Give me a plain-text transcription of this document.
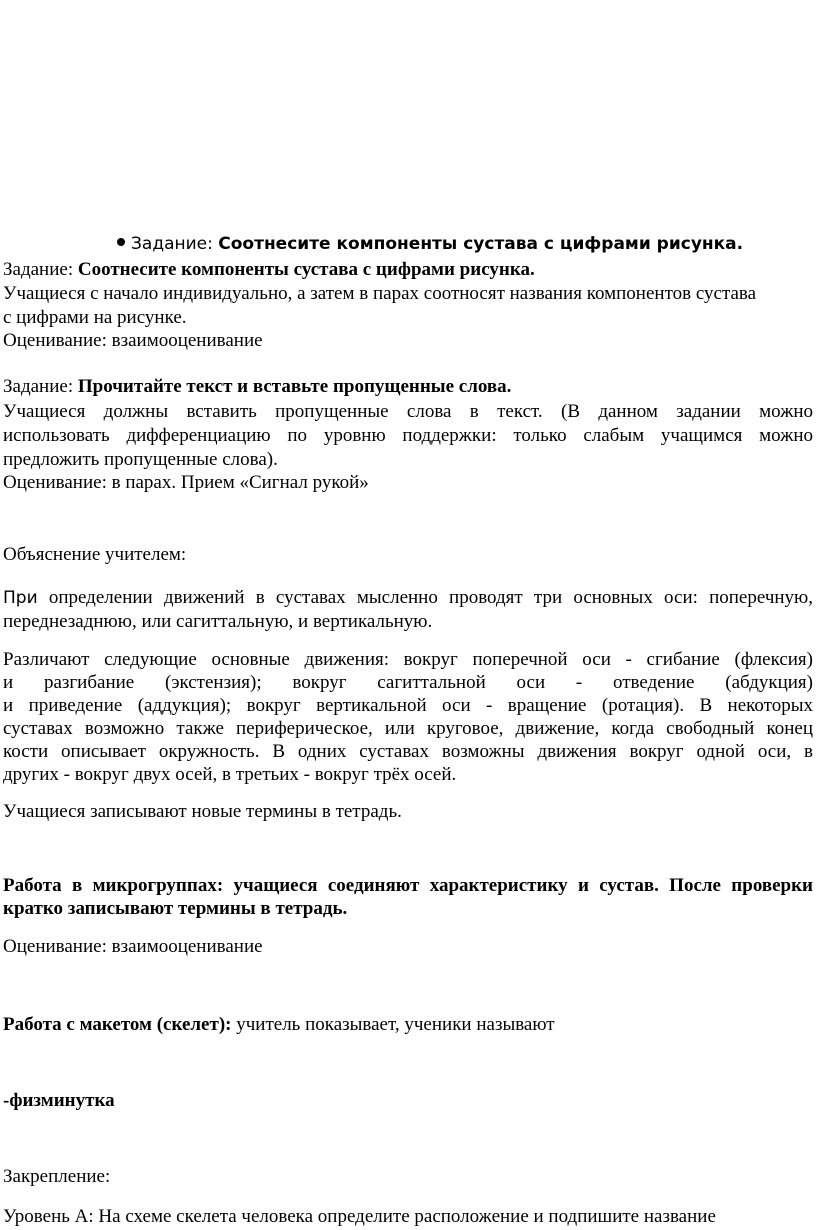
Задание: Соотнесите компоненты сустава с цифрами рисунка.

Задание: Соотнесите компоненты сустава с цифрами рисунка.

Учащиеся с начало индивидуально, а затем в парах соотносят названия компонентов сустава

с цифрами на рисунке.

Оценивание: взаимооценивание

Задание: Прочитайте текст и вставьте пропущенные слова.

Учащиеся должны вставить пропущенные слова в текст. (В данном задании можно

использовать дифференциацию по уровню поддержки: только слабым учащимся можно

предложить пропущенные слова).

Оценивание: в парах. Прием «Сигнал рукой»

Объяснение учителем:

При определении движений в суставах мысленно проводят три основных оси: поперечную,

переднезаднюю, или сагиттальную, и вертикальную.

Различают следующие основные движения: вокруг поперечной оси - сгибание (флексия)

и разгибание (экстензия); вокруг сагиттальной оси - отведение (абдукция)

и приведение (аддукция); вокруг вертикальной оси - вращение (ротация). В некоторых

суставах возможно также периферическое, или круговое, движение, когда свободный конец

кости описывает окружность. В одних суставах возможны движения вокруг одной оси, в

других - вокруг двух осей, в третьих - вокруг трёх осей.

Учащиеся записывают новые термины в тетрадь.

Работа в микрогруппах: учащиеся соединяют характеристику и сустав. После проверки

кратко записывают термины в тетрадь.

Оценивание: взаимооценивание

Работа с макетом (скелет): учитель показывает, ученики называют

-физминутка

Закрепление:

Уровень А: На схеме скелета человека определите расположение и подпишите название
